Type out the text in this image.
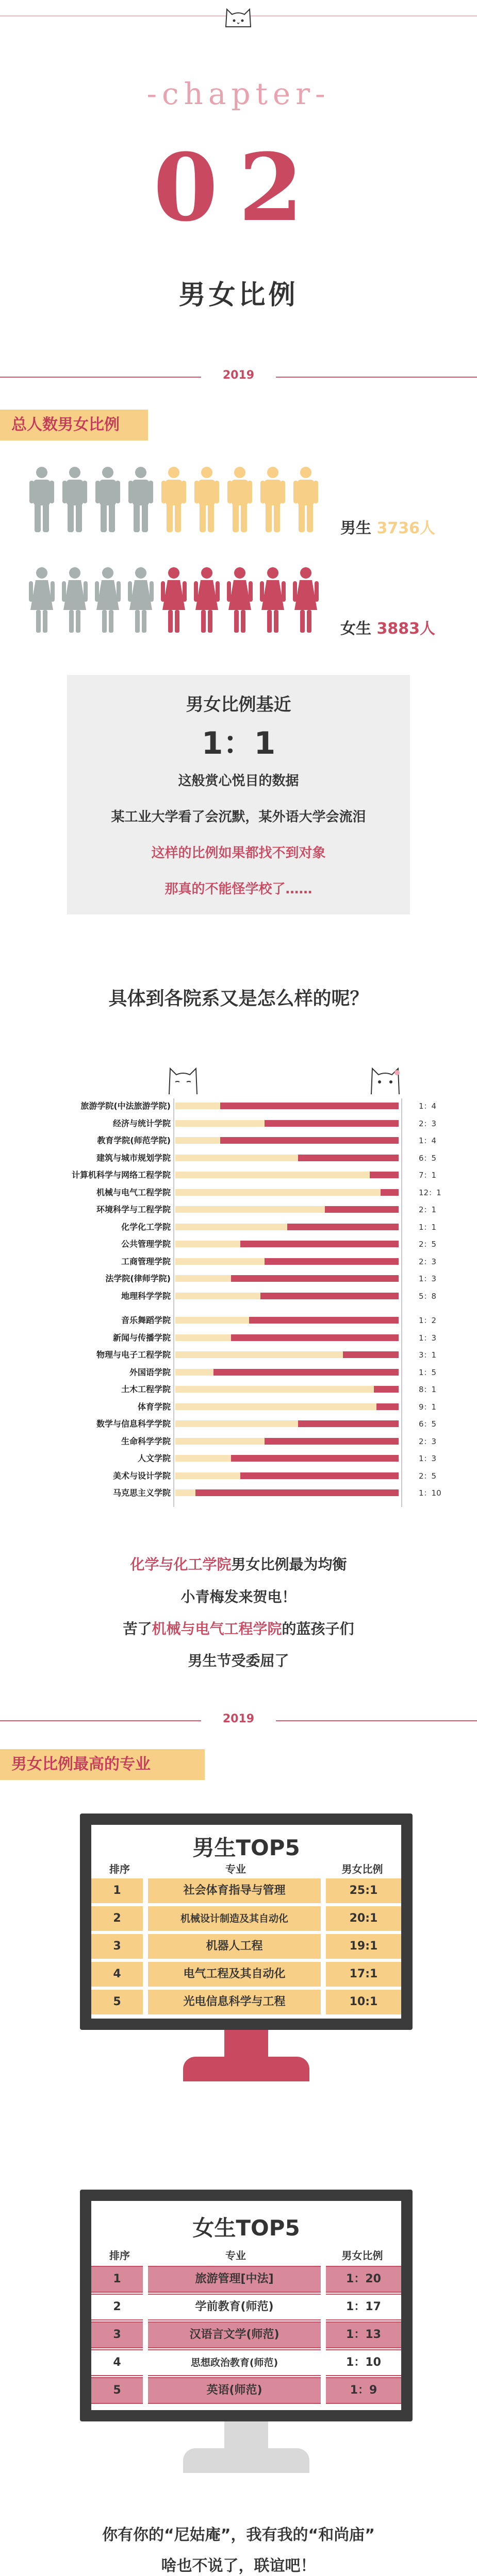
-chapter-
02
男女比例
2019
总人数男女比例
男生 3736人
女生 3883人
男女比例基近
1：1
这般赏心悦目的数据
某工业大学看了会沉默，某外语大学会流泪
这样的比例如果都找不到对象
那真的不能怪学校了……
具体到各院系又是怎么样的呢？
旅游学院(中法旅游学院)	1：4
经济与统计学院	2：3
教育学院(师范学院)	1：4
建筑与城市规划学院	6：5
计算机科学与网络工程学院	7：1
机械与电气工程学院	12：1
环境科学与工程学院	2：1
化学化工学院	1：1
公共管理学院	2：5
工商管理学院	2：3
法学院(律师学院)	1：3
地理科学学院	5：8
音乐舞蹈学院	1：2
新闻与传播学院	1：3
物理与电子工程学院	3：1
外国语学院	1：5
土木工程学院	8：1
体育学院	9：1
数学与信息科学学院	6：5
生命科学学院	2：3
人文学院	1：3
美术与设计学院	2：5
马克思主义学院	1：10
化学与化工学院男女比例最为均衡
小青梅发来贺电！
苦了机械与电气工程学院的蓝孩子们
男生节受委屈了
2019
男女比例最高的专业
男生TOP5
排序	专业	男女比例
1	社会体育指导与管理	25:1
2	机械设计制造及其自动化	20:1
3	机器人工程	19:1
4	电气工程及其自动化	17:1
5	光电信息科学与工程	10:1
女生TOP5
排序	专业	男女比例
1	旅游管理[中法]	1：20
2	学前教育(师范)	1：17
3	汉语言文学(师范)	1：13
4	思想政治教育(师范)	1：10
5	英语(师范)	1：9
你有你的“尼姑庵”，我有我的“和尚庙”
啥也不说了，联谊吧！
